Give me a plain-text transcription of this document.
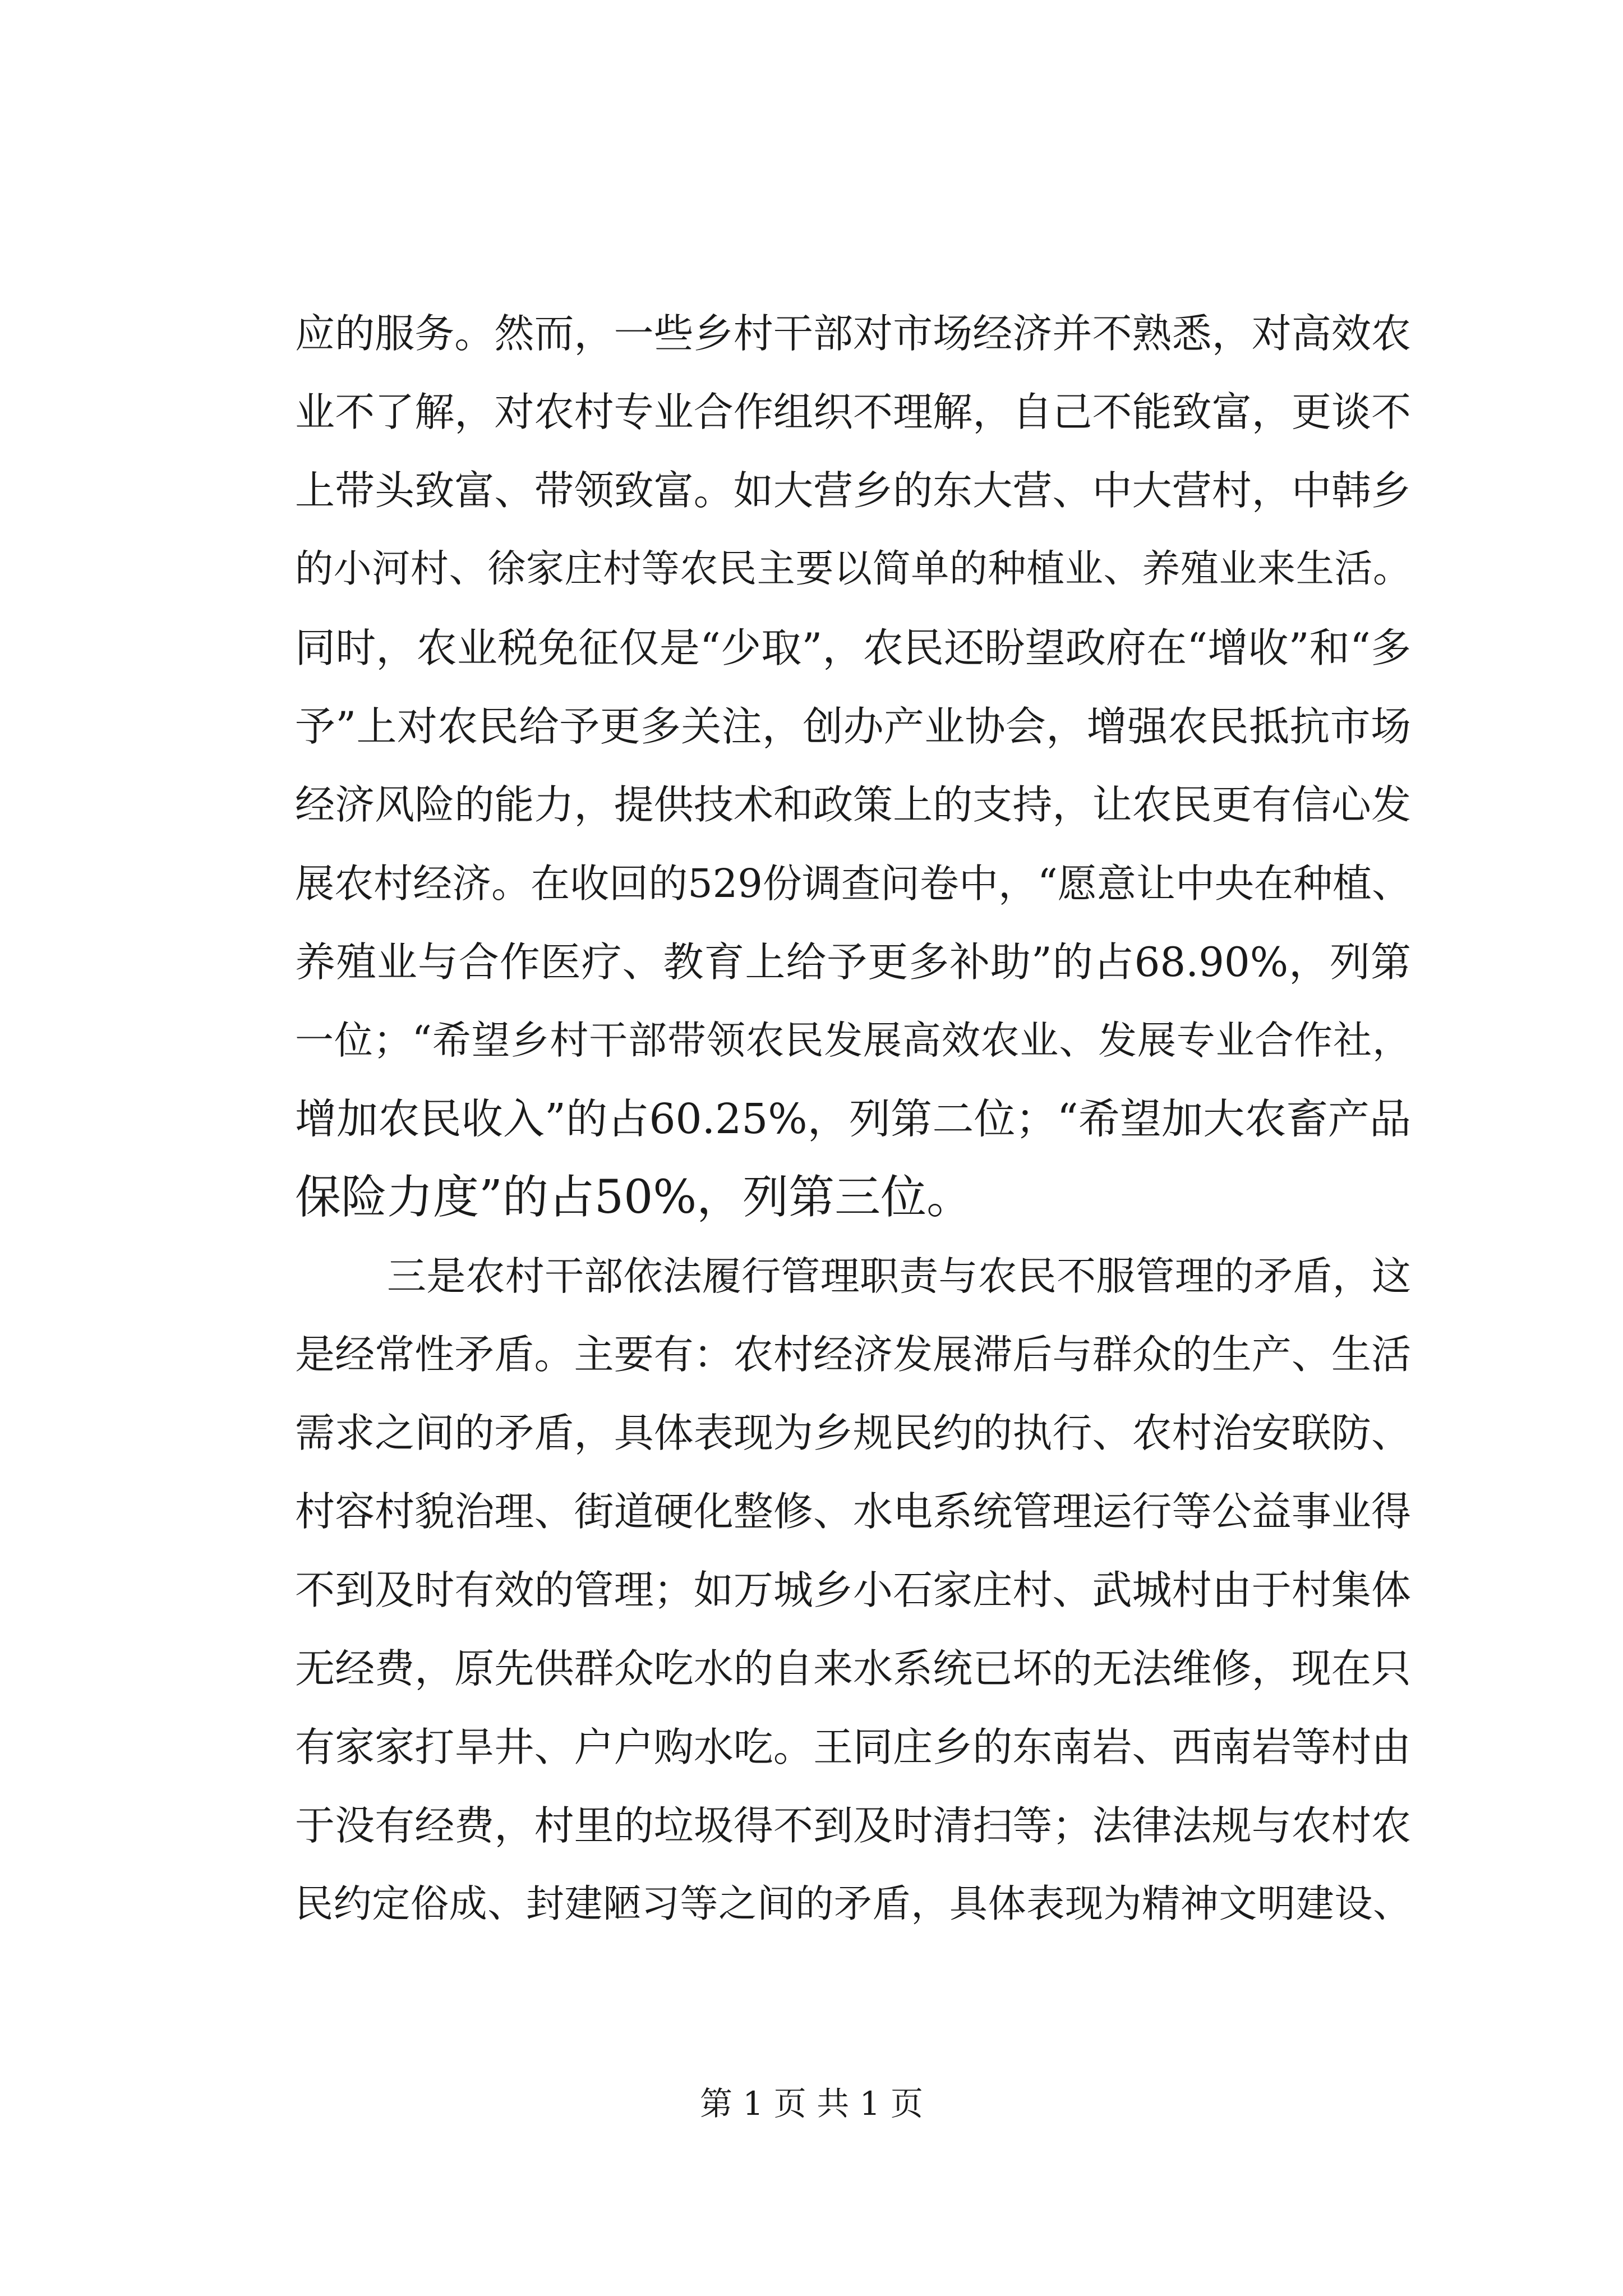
应的服务。然而，一些乡村干部对市场经济并不熟悉，对高效农
业不了解，对农村专业合作组织不理解，自己不能致富，更谈不
上带头致富、带领致富。如大营乡的东大营、中大营村，中韩乡
的小河村、徐家庄村等农民主要以简单的种植业、养殖业来生活。
同时，农业税免征仅是“少取”，农民还盼望政府在“增收”和“多
予”上对农民给予更多关注，创办产业协会，增强农民抵抗市场
经济风险的能力，提供技术和政策上的支持，让农民更有信心发
展农村经济。在收回的529份调查问卷中，“愿意让中央在种植、
养殖业与合作医疗、教育上给予更多补助”的占68.90%，列第
一位；“希望乡村干部带领农民发展高效农业、发展专业合作社，
增加农民收入”的占60.25%，列第二位；“希望加大农畜产品
保险力度”的占50%，列第三位。
三是农村干部依法履行管理职责与农民不服管理的矛盾，这
是经常性矛盾。主要有：农村经济发展滞后与群众的生产、生活
需求之间的矛盾，具体表现为乡规民约的执行、农村治安联防、
村容村貌治理、街道硬化整修、水电系统管理运行等公益事业得
不到及时有效的管理；如万城乡小石家庄村、武城村由于村集体
无经费，原先供群众吃水的自来水系统已坏的无法维修，现在只
有家家打旱井、户户购水吃。王同庄乡的东南岩、西南岩等村由
于没有经费，村里的垃圾得不到及时清扫等；法律法规与农村农
民约定俗成、封建陋习等之间的矛盾，具体表现为精神文明建设、
第 1 页 共 1 页
